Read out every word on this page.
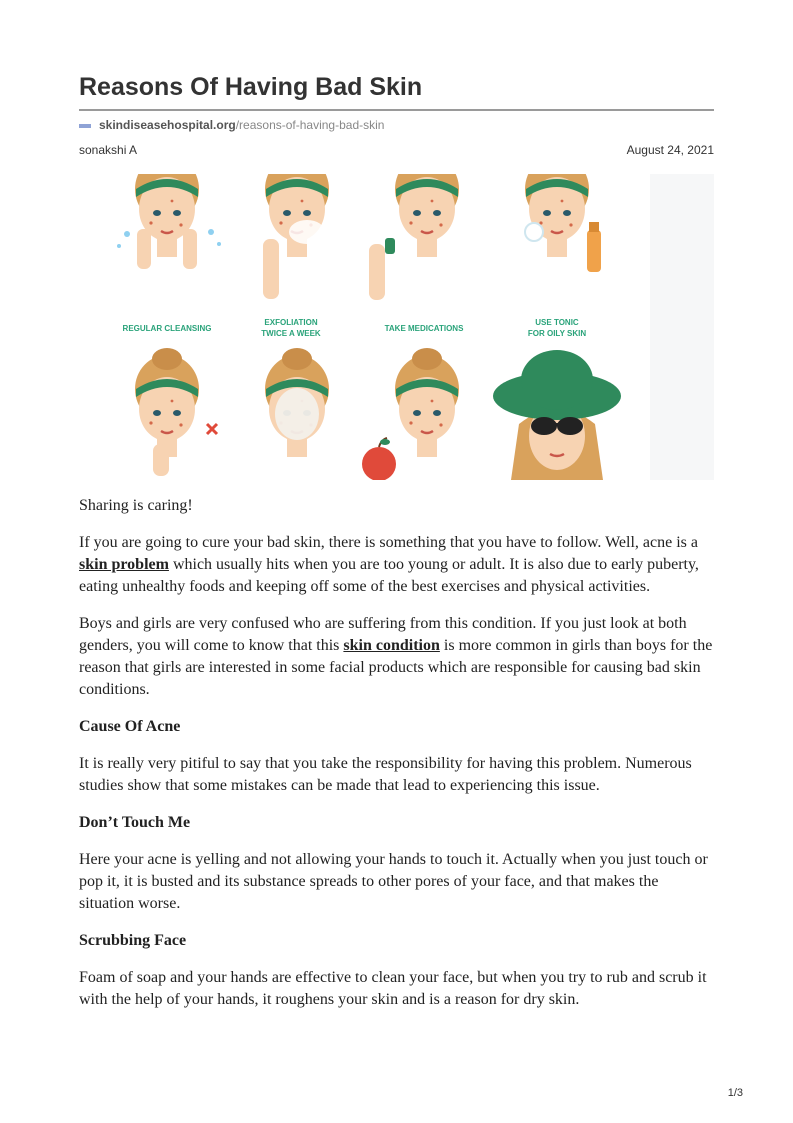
Reasons Of Having Bad Skin
skindiseasehospital.org/reasons-of-having-bad-skin
sonakshi A	August 24, 2021
REGULAR CLEANSING
EXFOLIATION
TWICE A WEEK
TAKE MEDICATIONS
USE TONIC
FOR OILY SKIN

Sharing is caring!

If you are going to cure your bad skin, there is something that you have to follow. Well, acne is a skin problem which usually hits when you are too young or adult. It is also due to early puberty, eating unhealthy foods and keeping off some of the best exercises and physical activities.

Boys and girls are very confused who are suffering from this condition. If you just look at both genders, you will come to know that this skin condition is more common in girls than boys for the reason that girls are interested in some facial products which are responsible for causing bad skin conditions.

Cause Of Acne

It is really very pitiful to say that you take the responsibility for having this problem. Numerous studies show that some mistakes can be made that lead to experiencing this issue.

Don’t Touch Me

Here your acne is yelling and not allowing your hands to touch it. Actually when you just touch or pop it, it is busted and its substance spreads to other pores of your face, and that makes the situation worse.

Scrubbing Face

Foam of soap and your hands are effective to clean your face, but when you try to rub and scrub it with the help of your hands, it roughens your skin and is a reason for dry skin.

1/3
